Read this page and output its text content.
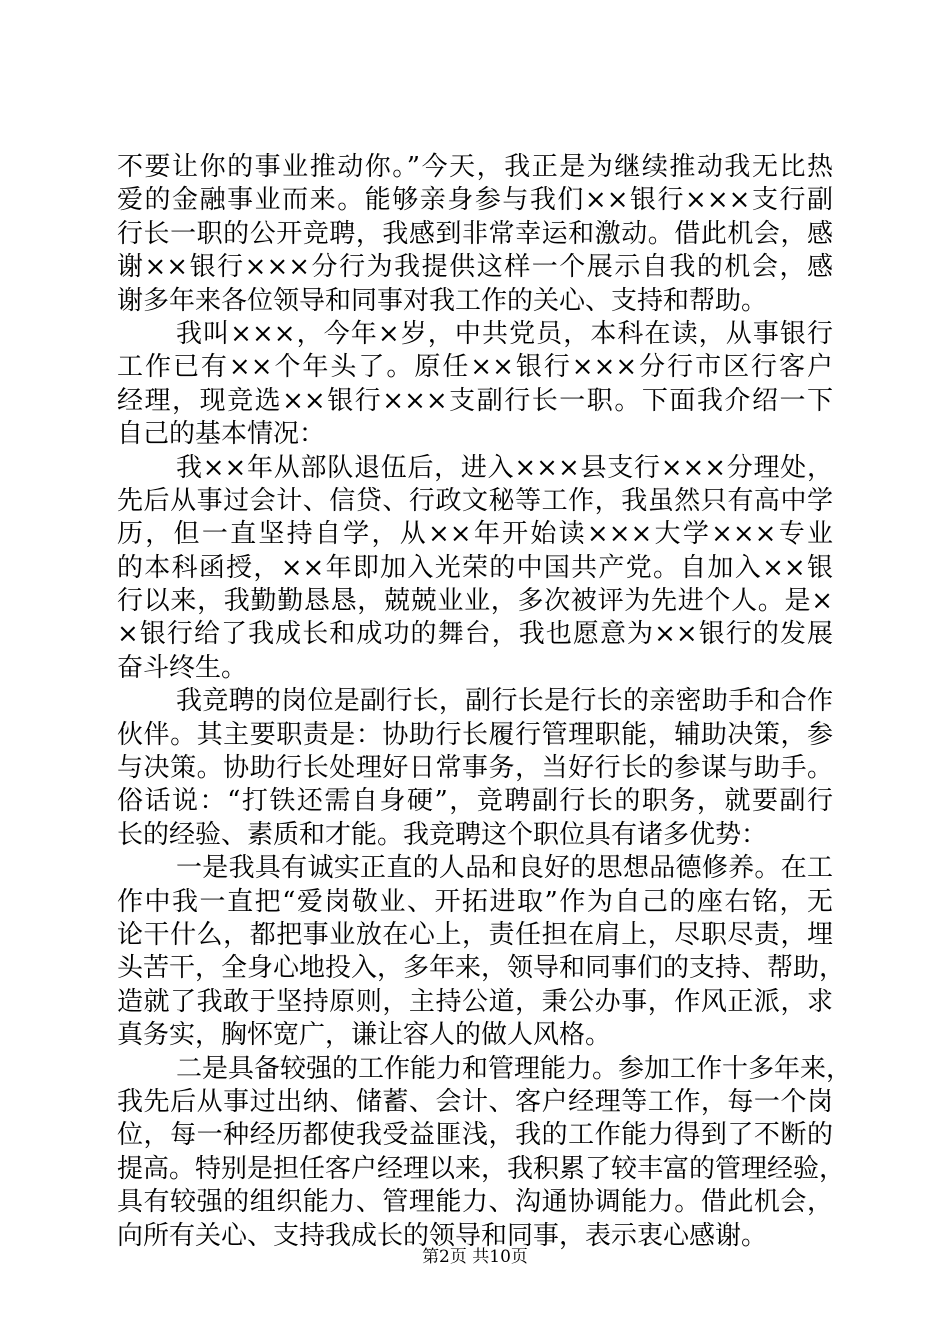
不要让你的事业推动你。”今天，我正是为继续推动我无比热
爱的金融事业而来。能够亲身参与我们××银行×××支行副
行长一职的公开竞聘，我感到非常幸运和激动。借此机会，感
谢××银行×××分行为我提供这样一个展示自我的机会，感
谢多年来各位领导和同事对我工作的关心、支持和帮助。
我叫×××，今年×岁，中共党员，本科在读，从事银行
工作已有××个年头了。原任××银行×××分行市区行客户
经理，现竞选××银行×××支副行长一职。下面我介绍一下
自己的基本情况：
我××年从部队退伍后，进入×××县支行×××分理处，
先后从事过会计、信贷、行政文秘等工作，我虽然只有高中学
历，但一直坚持自学，从××年开始读×××大学×××专业
的本科函授，××年即加入光荣的中国共产党。自加入××银
行以来，我勤勤恳恳，兢兢业业，多次被评为先进个人。是×
×银行给了我成长和成功的舞台，我也愿意为××银行的发展
奋斗终生。
我竞聘的岗位是副行长，副行长是行长的亲密助手和合作
伙伴。其主要职责是：协助行长履行管理职能，辅助决策，参
与决策。协助行长处理好日常事务，当好行长的参谋与助手。
俗话说：“打铁还需自身硬”，竞聘副行长的职务，就要副行
长的经验、素质和才能。我竞聘这个职位具有诸多优势：
一是我具有诚实正直的人品和良好的思想品德修养。在工
作中我一直把“爱岗敬业、开拓进取”作为自己的座右铭，无
论干什么，都把事业放在心上，责任担在肩上，尽职尽责，埋
头苦干，全身心地投入，多年来，领导和同事们的支持、帮助，
造就了我敢于坚持原则，主持公道，秉公办事，作风正派，求
真务实，胸怀宽广，谦让容人的做人风格。
二是具备较强的工作能力和管理能力。参加工作十多年来，
我先后从事过出纳、储蓄、会计、客户经理等工作，每一个岗
位，每一种经历都使我受益匪浅，我的工作能力得到了不断的
提高。特别是担任客户经理以来，我积累了较丰富的管理经验，
具有较强的组织能力、管理能力、沟通协调能力。借此机会，
向所有关心、支持我成长的领导和同事，表示衷心感谢。
第2页 共10页
